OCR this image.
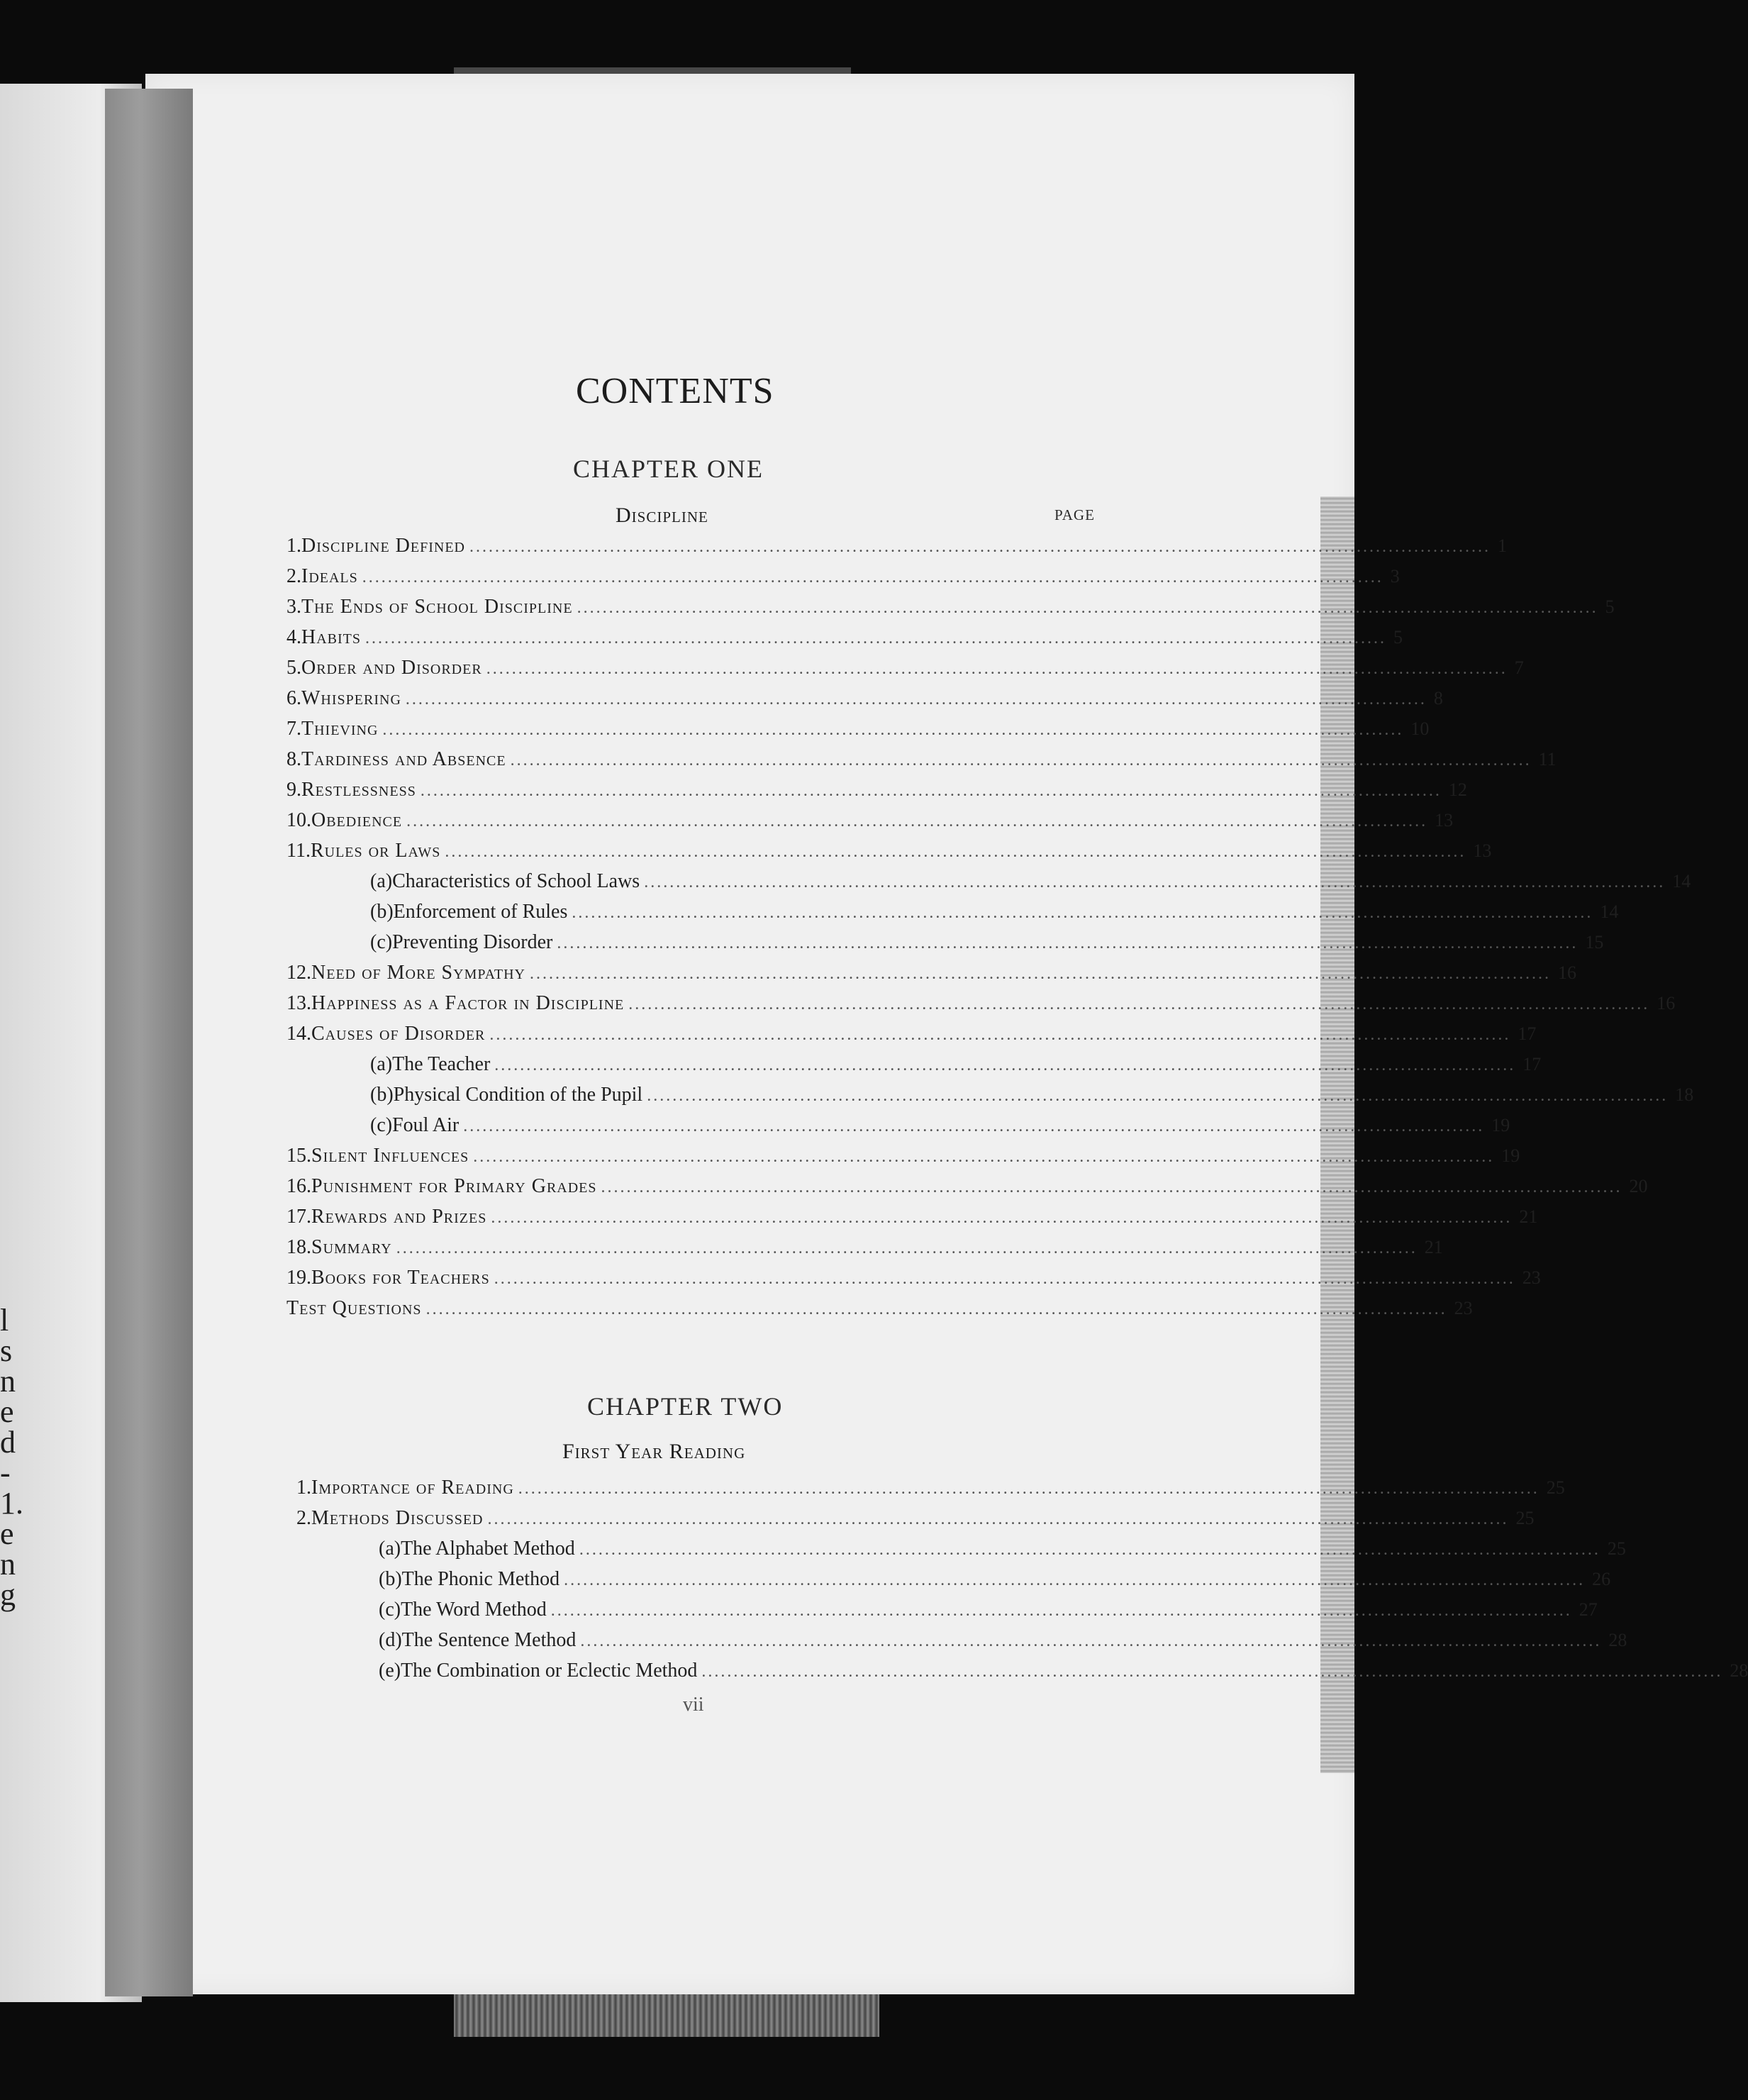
l
s
n
e
d
-
1.
e
n
g
CONTENTS
CHAPTER ONE
Discipline	PAGE
1. Discipline Defined ................................................................................................................................................................ 1
2. Ideals ................................................................................................................................................................ 3
3. The Ends of School Discipline ................................................................................................................................................................ 5
4. Habits ................................................................................................................................................................ 5
5. Order and Disorder ................................................................................................................................................................ 7
6. Whispering ................................................................................................................................................................ 8
7. Thieving ................................................................................................................................................................ 10
8. Tardiness and Absence ................................................................................................................................................................ 11
9. Restlessness ................................................................................................................................................................ 12
10. Obedience ................................................................................................................................................................ 13
11. Rules or Laws ................................................................................................................................................................ 13
(a) Characteristics of School Laws ................................................................................................................................................................ 14
(b) Enforcement of Rules ................................................................................................................................................................ 14
(c) Preventing Disorder ................................................................................................................................................................ 15
12. Need of More Sympathy ................................................................................................................................................................ 16
13. Happiness as a Factor in Discipline ................................................................................................................................................................ 16
14. Causes of Disorder ................................................................................................................................................................ 17
(a) The Teacher ................................................................................................................................................................ 17
(b) Physical Condition of the Pupil ................................................................................................................................................................ 18
(c) Foul Air ................................................................................................................................................................ 19
15. Silent Influences ................................................................................................................................................................ 19
16. Punishment for Primary Grades ................................................................................................................................................................ 20
17. Rewards and Prizes ................................................................................................................................................................ 21
18. Summary ................................................................................................................................................................ 21
19. Books for Teachers ................................................................................................................................................................ 23
Test Questions ................................................................................................................................................................ 23
CHAPTER TWO
First Year Reading
1. Importance of Reading ................................................................................................................................................................ 25
2. Methods Discussed ................................................................................................................................................................ 25
(a) The Alphabet Method ................................................................................................................................................................ 25
(b) The Phonic Method ................................................................................................................................................................ 26
(c) The Word Method ................................................................................................................................................................ 27
(d) The Sentence Method ................................................................................................................................................................ 28
(e) The Combination or Eclectic Method ................................................................................................................................................................ 28
vii
